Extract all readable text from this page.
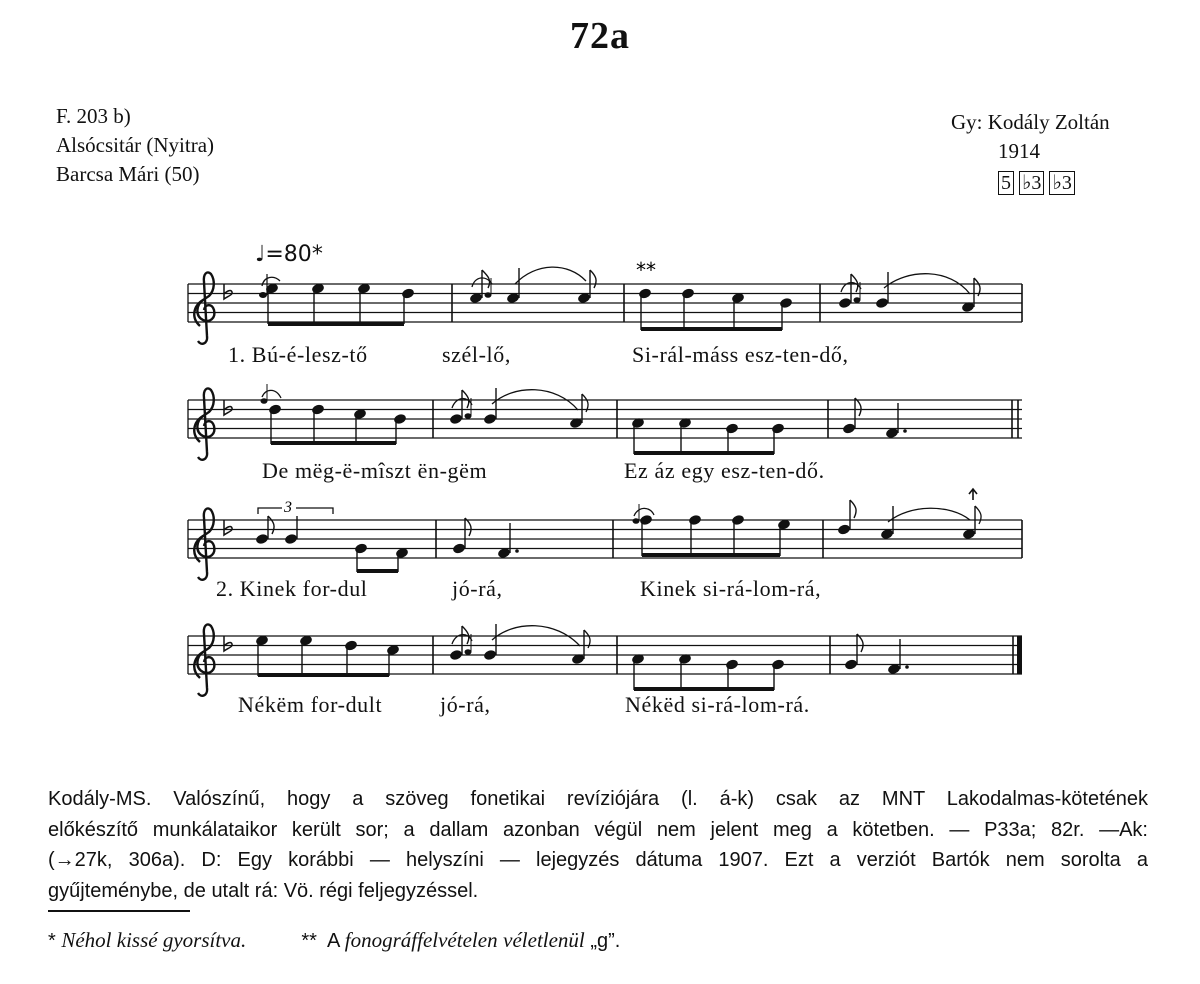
72a
F. 203 b)
Alsócsitár (Nyitra)
Barcsa Mári (50)
Gy: Kodály Zoltán
1914
5 ♭3 ♭3
♩=80*
**
3
1. Bú-é-lesz-tő	szél-lő,	Si-rál-máss esz-ten-dő,
De mëg-ë-mîszt ën-gëm	Ez áz egy esz-ten-dő.
2. Kinek for-dul	jó-rá,	Kinek si-rá-lom-rá,
Nékëm for-dult	jó-rá,	Nékëd si-rá-lom-rá.
Kodály-MS. Valószínű, hogy a szöveg fonetikai revíziójára (l. á-k) csak az MNT Lakodalmas-kötetének
előkészítő munkálataikor került sor; a dallam azonban végül nem jelent meg a kötetben. — P33a; 82r. —Ak:
(→27k, 306a). D: Egy korábbi — helyszíni — lejegyzés dátuma 1907. Ezt a verziót Bartók nem sorolta a
gyűjteménybe, de utalt rá: Vö. régi feljegyzéssel.
* Néhol kissé gyorsítva.	** A fonográffelvételen véletlenül „g”.
